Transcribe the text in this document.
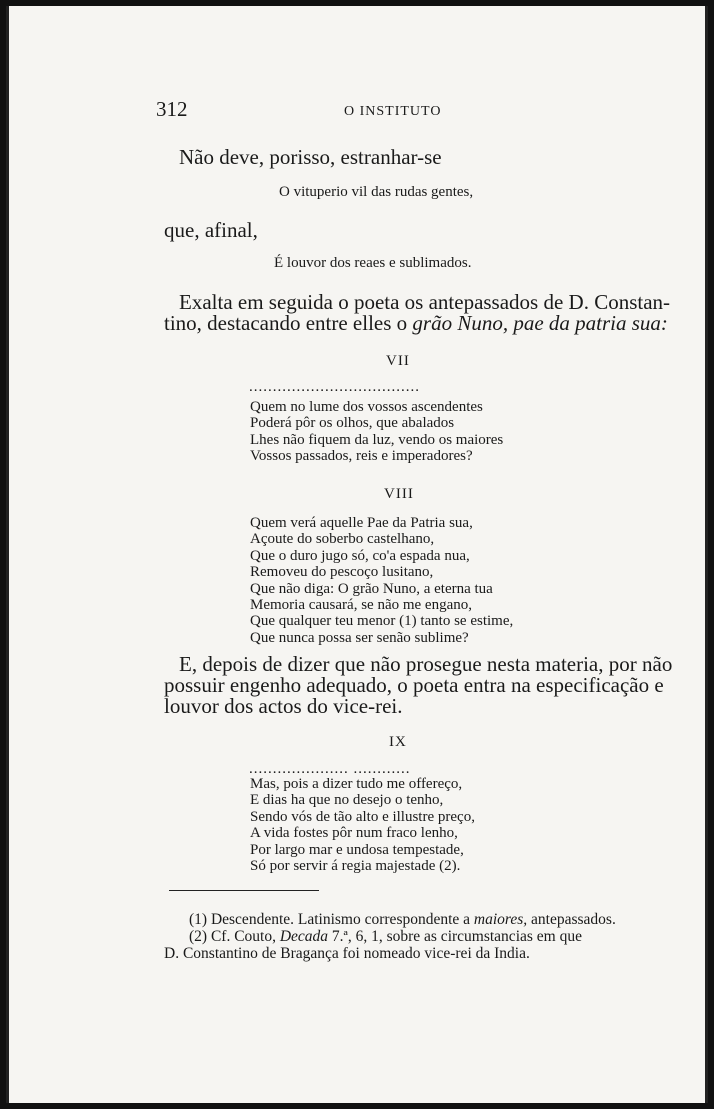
312	O INSTITUTO
Não deve, porisso, estranhar-se
O vituperio vil das rudas gentes,
que, afinal,
É louvor dos reaes e sublimados.
Exalta em seguida o poeta os antepassados de D. Constan-
tino, destacando entre elles o grão Nuno, pae da patria sua:
VII
....................................
Quem no lume dos vossos ascendentes
Poderá pôr os olhos, que abalados
Lhes não fiquem da luz, vendo os maiores
Vossos passados, reis e imperadores?
VIII
Quem verá aquelle Pae da Patria sua,
Açoute do soberbo castelhano,
Que o duro jugo só, co'a espada nua,
Removeu do pescoço lusitano,
Que não diga: O grão Nuno, a eterna tua
Memoria causará, se não me engano,
Que qualquer teu menor (1) tanto se estime,
Que nunca possa ser senão sublime?
E, depois de dizer que não prosegue nesta materia, por não
possuir engenho adequado, o poeta entra na especificação e
louvor dos actos do vice-rei.
IX
..................... ............
Mas, pois a dizer tudo me offereço,
E dias ha que no desejo o tenho,
Sendo vós de tão alto e illustre preço,
A vida fostes pôr num fraco lenho,
Por largo mar e undosa tempestade,
Só por servir á regia majestade (2).
(1) Descendente. Latinismo correspondente a maiores, antepassados.
(2) Cf. Couto, Decada 7.ª, 6, 1, sobre as circumstancias em que
D. Constantino de Bragança foi nomeado vice-rei da India.
